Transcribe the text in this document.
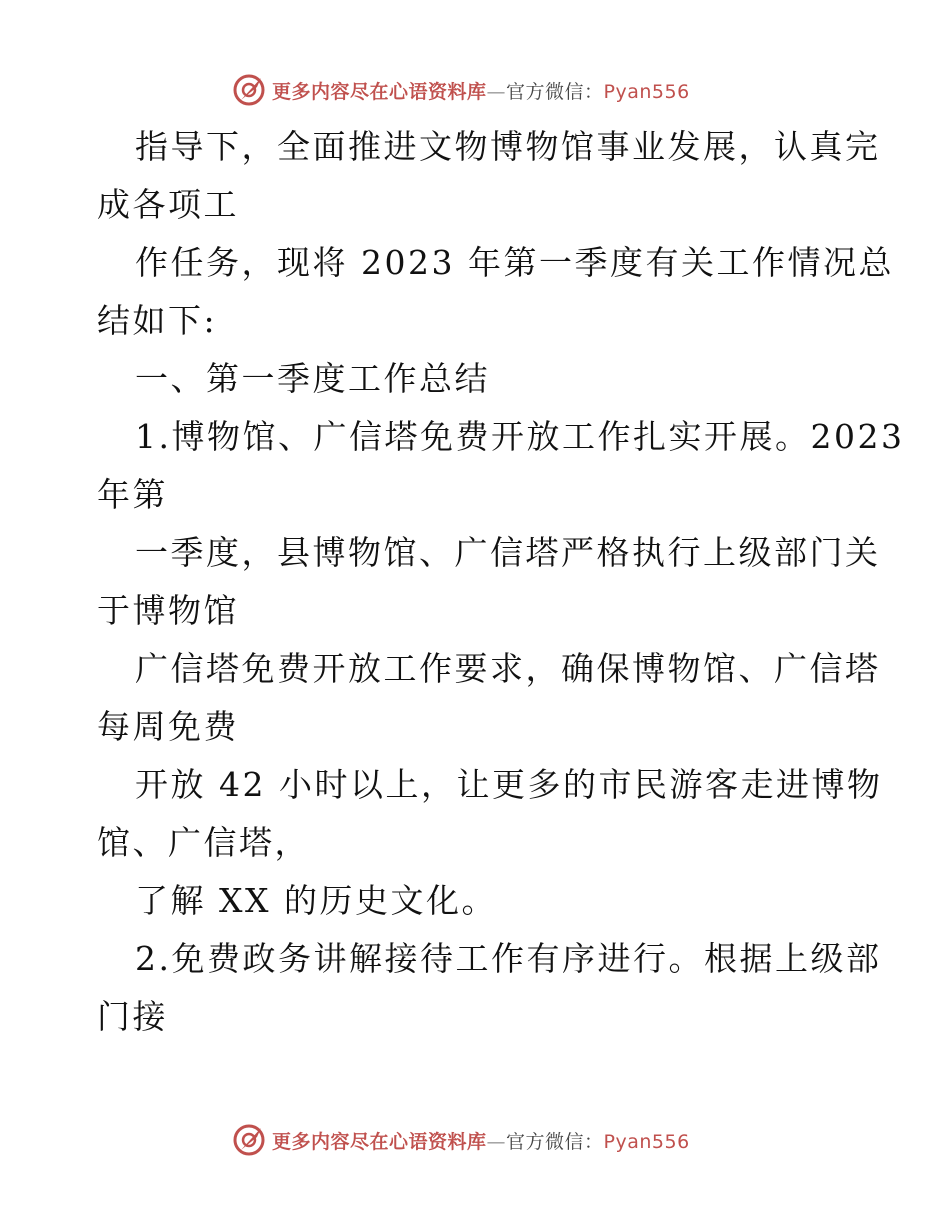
更多内容尽在心语资料库—官方微信：Pyan556
指导下，全面推进文物博物馆事业发展，认真完
成各项工
作任务，现将 2023 年第一季度有关工作情况总
结如下:
一、第一季度工作总结
1.博物馆、广信塔免费开放工作扎实开展。2023
年第
一季度，县博物馆、广信塔严格执行上级部门关
于博物馆
广信塔免费开放工作要求，确保博物馆、广信塔
每周免费
开放 42 小时以上，让更多的市民游客走进博物
馆、广信塔，
了解 XX 的历史文化。
2.免费政务讲解接待工作有序进行。根据上级部
门接
更多内容尽在心语资料库—官方微信：Pyan556
